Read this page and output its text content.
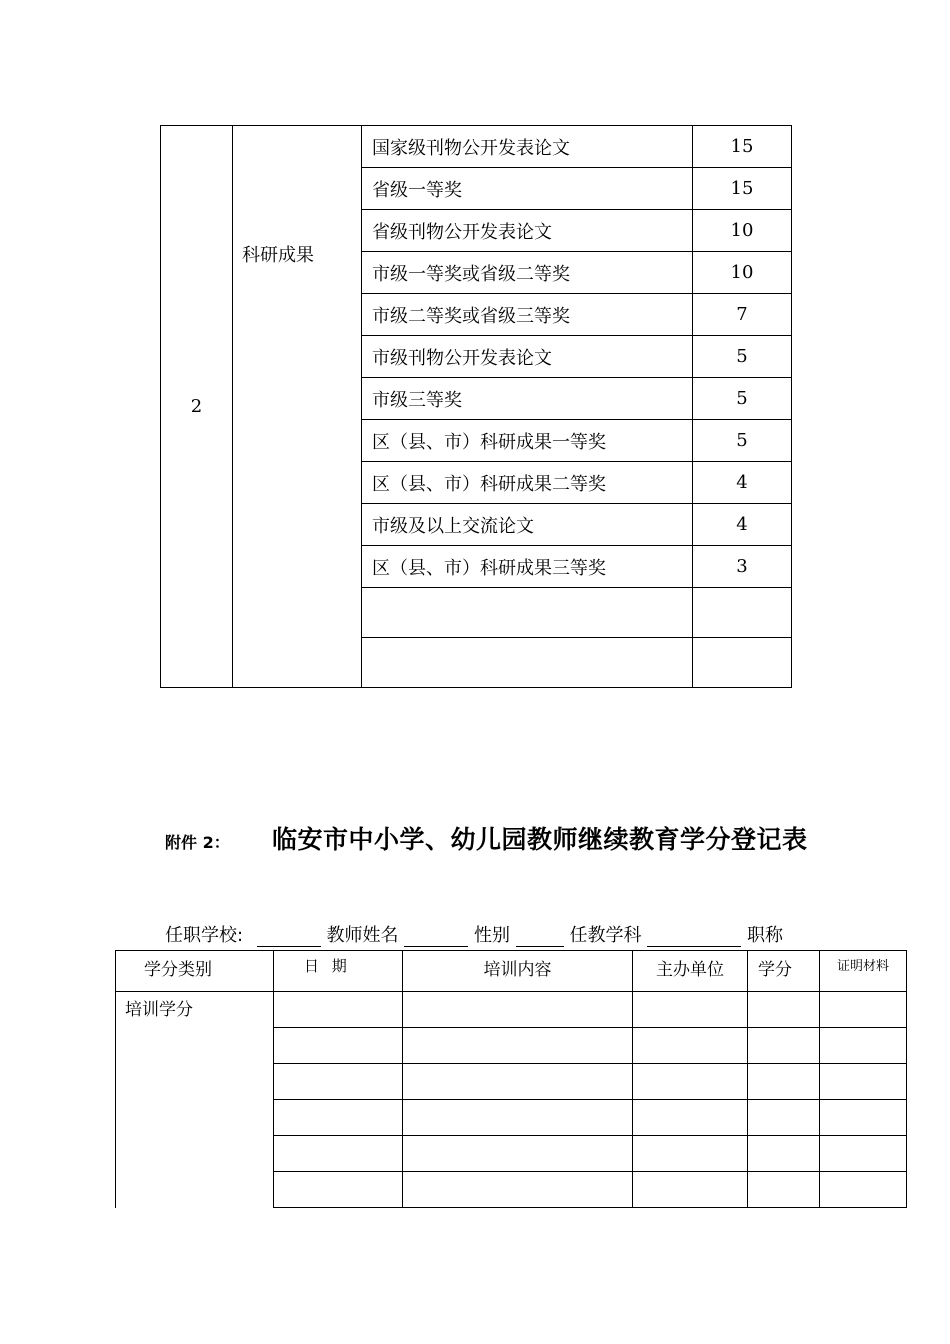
2	科研成果	国家级刊物公开发表论文	15
		省级一等奖	15
		省级刊物公开发表论文	10
		市级一等奖或省级二等奖	10
		市级二等奖或省级三等奖	7
		市级刊物公开发表论文	5
		市级三等奖	5
		区（县、市）科研成果一等奖	5
		区（县、市）科研成果二等奖	4
		市级及以上交流论文	4
		区（县、市）科研成果三等奖	3

附件 2： 临安市中小学、幼儿园教师继续教育学分登记表
任职学校:	教师姓名	性别	任教学科	职称
学分类别	日 期	培训内容	主办单位	学分	证明材料
培训学分					
